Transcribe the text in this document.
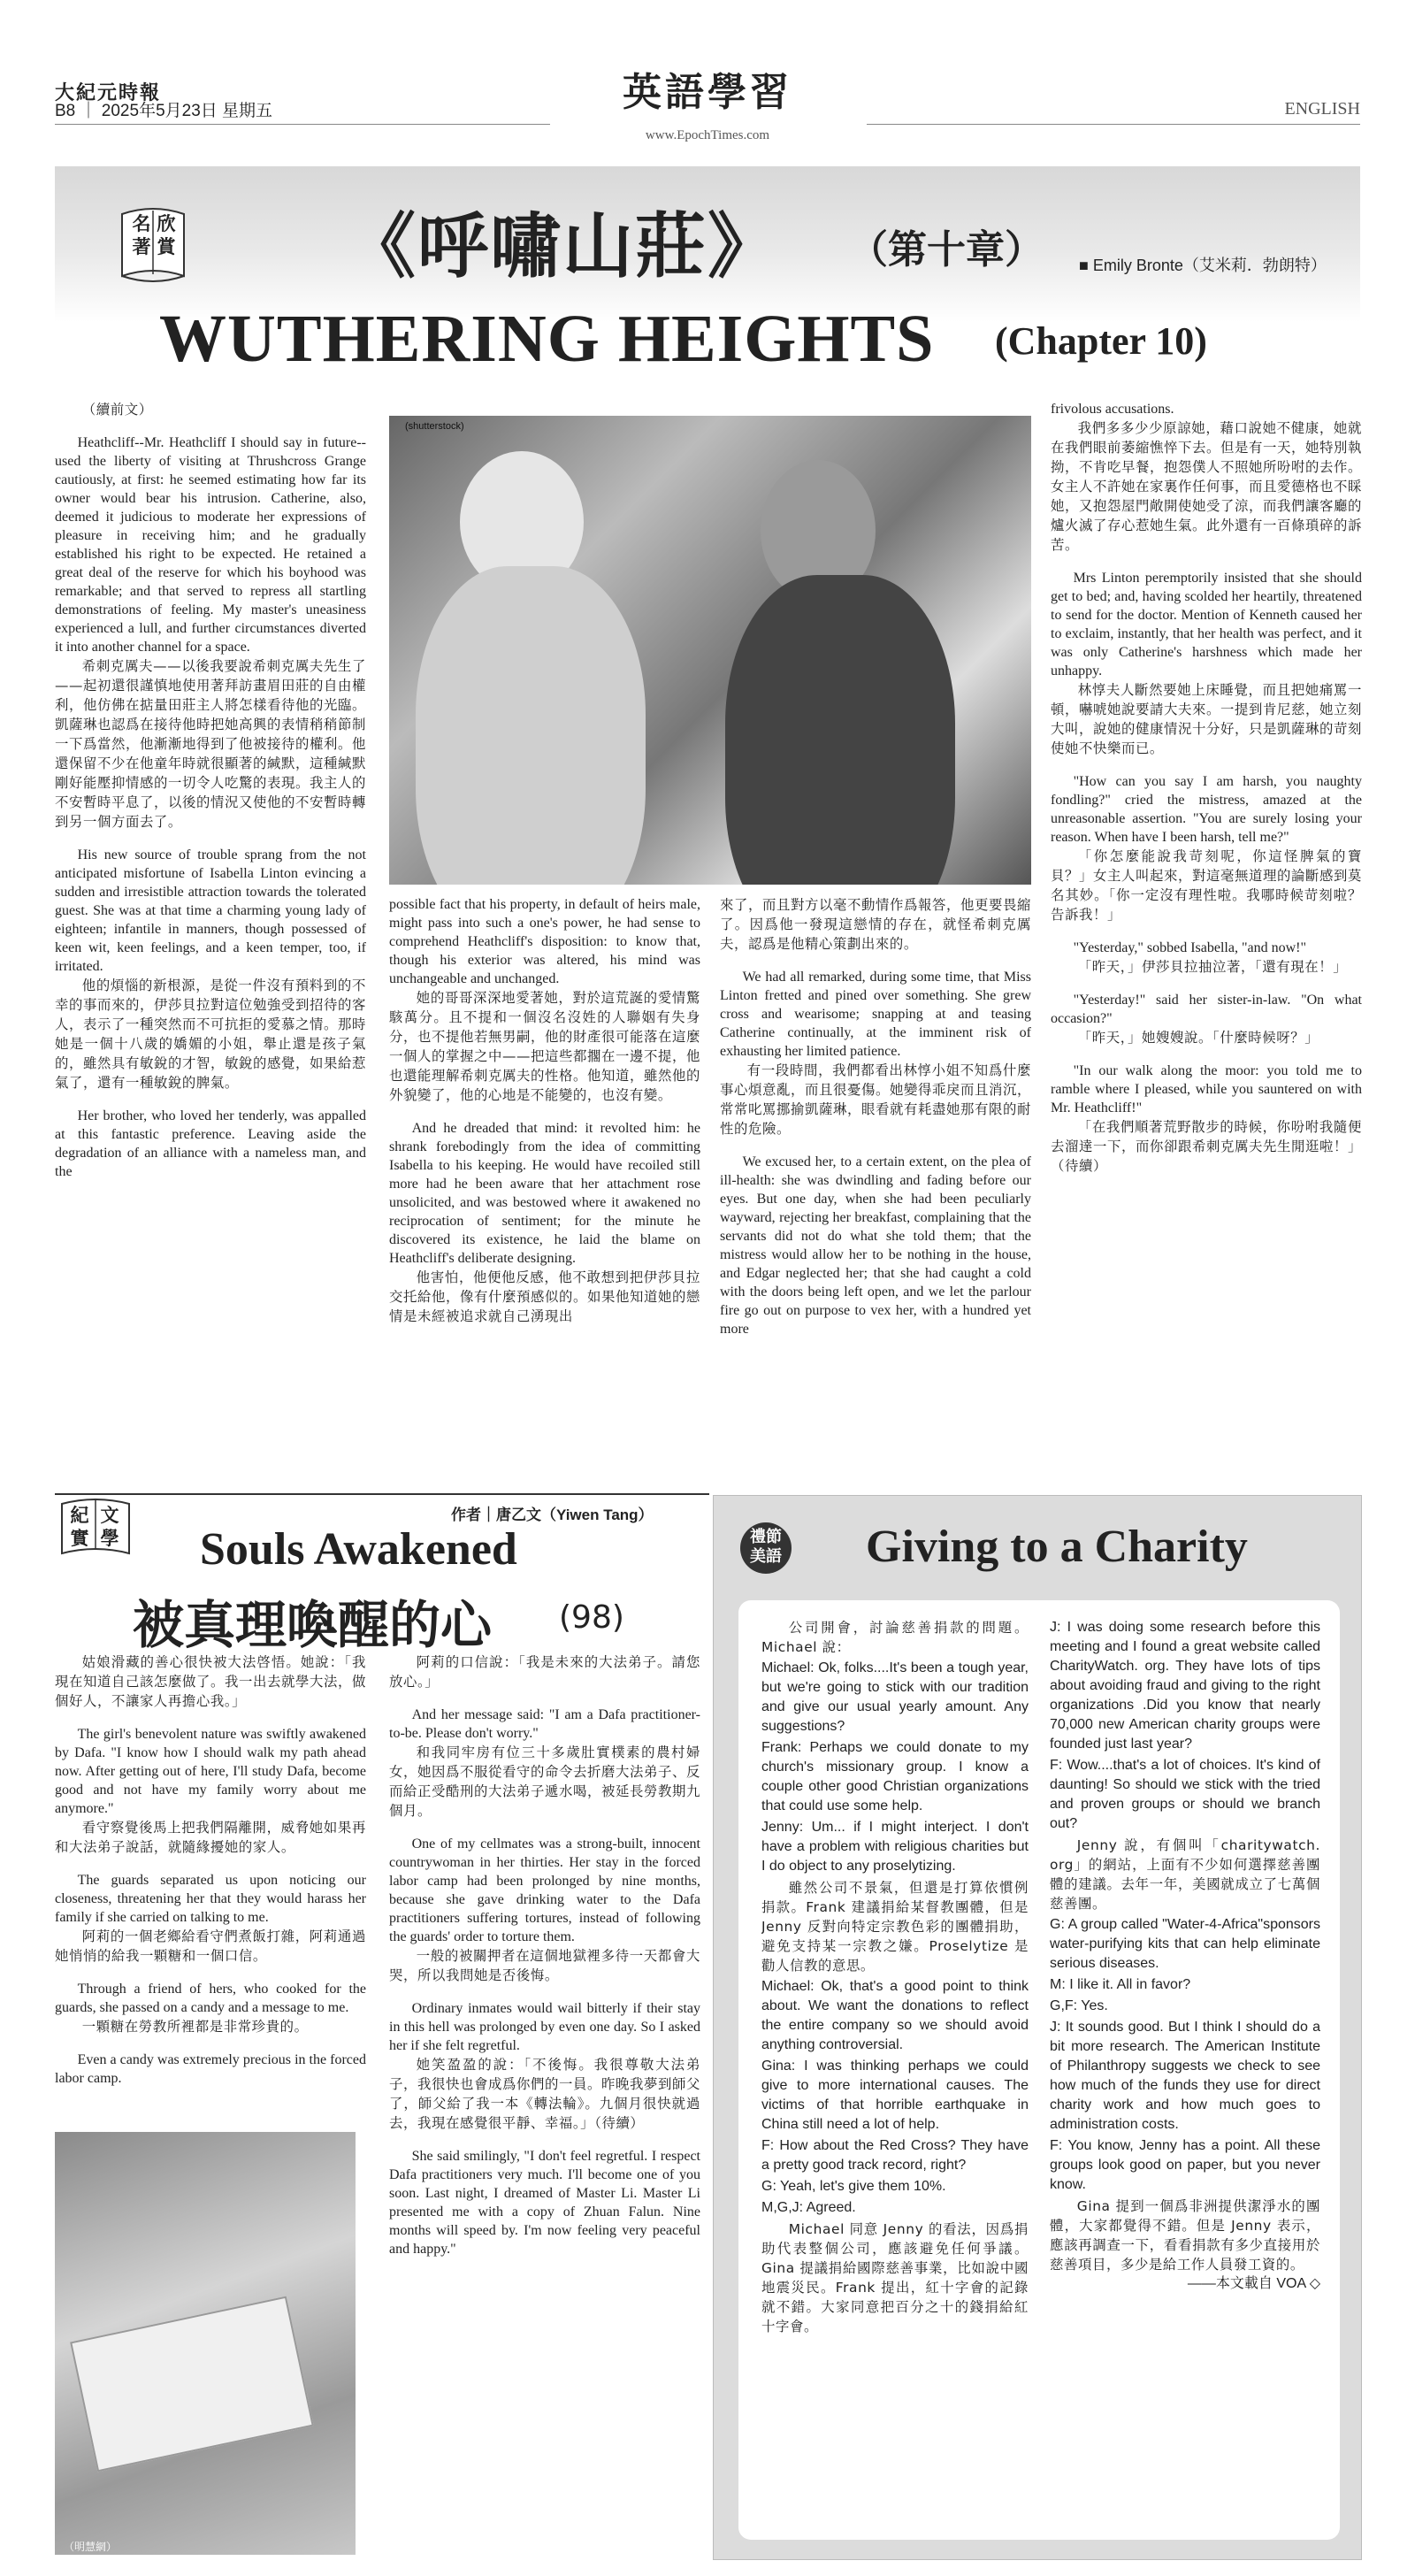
大紀元時報
B8 ｜ 2025年5月23日 星期五	英語學習
www.EpochTimes.com
ENGLISH
名著
欣賞 《呼嘯山莊》 （第十章） ■ Emily Bronte（艾米莉．勃朗特）
WUTHERING HEIGHTS (Chapter 10)

（續前文）

Heathcliff--Mr. Heathcliff I should say in future--used the liberty of visiting at Thrushcross Grange cautiously, at first: he seemed estimating how far its owner would bear his intrusion. Catherine, also, deemed it judicious to moderate her expressions of pleasure in receiving him; and he gradually established his right to be expected. He retained a great deal of the reserve for which his boyhood was remarkable; and that served to repress all startling demonstrations of feeling. My master's uneasiness experienced a lull, and further circumstances diverted it into another channel for a space.

希刺克厲夫——以後我要說希刺克厲夫先生了——起初還很謹慎地使用著拜訪畫眉田莊的自由權利，他仿佛在掂量田莊主人將怎樣看待他的光臨。凱薩琳也認爲在接待他時把她高興的表情稍稍節制一下爲當然，他漸漸地得到了他被接待的權利。他還保留不少在他童年時就很顯著的緘默，這種緘默剛好能壓抑情感的一切令人吃驚的表現。我主人的不安暫時平息了，以後的情況又使他的不安暫時轉到另一個方面去了。

His new source of trouble sprang from the not anticipated misfortune of Isabella Linton evincing a sudden and irresistible attraction towards the tolerated guest. She was at that time a charming young lady of eighteen; infantile in manners, though possessed of keen wit, keen feelings, and a keen temper, too, if irritated.

他的煩惱的新根源，是從一件沒有預料到的不幸的事而來的，伊莎貝拉對這位勉強受到招待的客人，表示了一種突然而不可抗拒的愛慕之情。那時她是一個十八歲的嬌媚的小姐，舉止還是孩子氣的，雖然具有敏銳的才智，敏銳的感覺，如果給惹氣了，還有一種敏銳的脾氣。

Her brother, who loved her tenderly, was appalled at this fantastic preference. Leaving aside the degradation of an alliance with a nameless man, and the

(shutterstock)

possible fact that his property, in default of heirs male, might pass into such a one's power, he had sense to comprehend Heathcliff's disposition: to know that, though his exterior was altered, his mind was unchangeable and unchanged.

她的哥哥深深地愛著她，對於這荒誕的愛情驚駭萬分。且不提和一個沒名沒姓的人聯姻有失身分，也不提他若無男嗣，他的財產很可能落在這麼一個人的掌握之中——把這些都擱在一邊不提，他也還能理解希刺克厲夫的性格。他知道，雖然他的外貌變了，他的心地是不能變的，也沒有變。

And he dreaded that mind: it revolted him: he shrank forebodingly from the idea of committing Isabella to his keeping. He would have recoiled still more had he been aware that her attachment rose unsolicited, and was bestowed where it awakened no reciprocation of sentiment; for the minute he discovered its existence, he laid the blame on Heathcliff's deliberate designing.

他害怕，他便他反感，他不敢想到把伊莎貝拉交托給他，像有什麼預感似的。如果他知道她的戀情是未經被追求就自己湧現出

來了，而且對方以毫不動情作爲報答，他更要畏縮了。因爲他一發現這戀情的存在，就怪希刺克厲夫，認爲是他精心策劃出來的。

We had all remarked, during some time, that Miss Linton fretted and pined over something. She grew cross and wearisome; snapping at and teasing Catherine continually, at the imminent risk of exhausting her limited patience.

有一段時間，我們都看出林惇小姐不知爲什麼事心煩意亂，而且很憂傷。她變得乖戾而且消沉，常常叱罵挪揄凱薩琳，眼看就有耗盡她那有限的耐性的危險。

We excused her, to a certain extent, on the plea of ill-health: she was dwindling and fading before our eyes. But one day, when she had been peculiarly wayward, rejecting her breakfast, complaining that the servants did not do what she told them; that the mistress would allow her to be nothing in the house, and Edgar neglected her; that she had caught a cold with the doors being left open, and we let the parlour fire go out on purpose to vex her, with a hundred yet more

frivolous accusations.

我們多多少少原諒她，藉口說她不健康，她就在我們眼前萎縮憔悴下去。但是有一天，她特別執拗，不肯吃早餐，抱怨僕人不照她所吩咐的去作。女主人不許她在家裏作任何事，而且愛德格也不睬她，又抱怨屋門敞開使她受了涼，而我們讓客廳的爐火滅了存心惹她生氣。此外還有一百條瑣碎的訴苦。

Mrs Linton peremptorily insisted that she should get to bed; and, having scolded her heartily, threatened to send for the doctor. Mention of Kenneth caused her to exclaim, instantly, that her health was perfect, and it was only Catherine's harshness which made her unhappy.

林惇夫人斷然要她上床睡覺，而且把她痛罵一頓，嚇唬她說要請大夫來。一提到肯尼慈，她立刻大叫，說她的健康情況十分好，只是凱薩琳的苛刻使她不快樂而已。

"How can you say I am harsh, you naughty fondling?" cried the mistress, amazed at the unreasonable assertion. "You are surely losing your reason. When have I been harsh, tell me?"

「你怎麼能說我苛刻呢，你這怪脾氣的寶貝？」女主人叫起來，對這毫無道理的論斷感到莫名其妙。「你一定沒有理性啦。我哪時候苛刻啦？告訴我！」

"Yesterday," sobbed Isabella, "and now!"

「昨天，」伊莎貝拉抽泣著，「還有現在！」

"Yesterday!" said her sister-in-law. "On what occasion?"

「昨天，」她嫂嫂說。「什麼時候呀？」

"In our walk along the moor: you told me to ramble where I pleased, while you sauntered on with Mr. Heathcliff!"

「在我們順著荒野散步的時候，你吩咐我隨便去溜達一下，而你卻跟希刺克厲夫先生閒逛啦！」（待續）

紀實
文學
作者｜唐乙文（Yiwen Tang）
Souls Awakened
被真理喚醒的心 (98)

姑娘滑藏的善心很快被大法啓悟。她說：「我現在知道自己該怎麼做了。我一出去就學大法，做個好人，不讓家人再擔心我。」

The girl's benevolent nature was swiftly awakened by Dafa. "I know how I should walk my path ahead now. After getting out of here, I'll study Dafa, become good and not have my family worry about me anymore."

看守察覺後馬上把我們隔離開，威脅她如果再和大法弟子說話，就隨緣擾她的家人。

The guards separated us upon noticing our closeness, threatening her that they would harass her family if she carried on talking to me.

阿莉的一個老鄉給看守們煮飯打雜，阿莉通過她悄悄的給我一顆糖和一個口信。

Through a friend of hers, who cooked for the guards, she passed on a candy and a message to me.

一顆糖在勞教所裡都是非常珍貴的。

Even a candy was extremely precious in the forced labor camp.

阿莉的口信說：「我是未來的大法弟子。請您放心。」

And her message said: "I am a Dafa practitioner-to-be. Please don't worry."

和我同牢房有位三十多歲肚實樸素的農村婦女，她因爲不服從看守的命令去折磨大法弟子、反而給正受酷刑的大法弟子遞水喝，被延長勞教期九個月。

One of my cellmates was a strong-built, innocent countrywoman in her thirties. Her stay in the forced labor camp had been prolonged by nine months, because she gave drinking water to the Dafa practitioners suffering tortures, instead of following the guards' order to torture them.

一般的被關押者在這個地獄裡多待一天都會大哭，所以我問她是否後悔。

Ordinary inmates would wail bitterly if their stay in this hell was prolonged by even one day. So I asked her if she felt regretful.

她笑盈盈的說：「不後悔。我很尊敬大法弟子，我很快也會成爲你們的一員。昨晚我夢到師父了，師父給了我一本《轉法輪》。九個月很快就過去，我現在感覺很平靜、幸福。」（待續）

She said smilingly, "I don't feel regretful. I respect Dafa practitioners very much. I'll become one of you soon. Last night, I dreamed of Master Li. Master Li presented me with a copy of Zhuan Falun. Nine months will speed by. I'm now feeling very peaceful and happy."

（明慧網）
禮節
美語 Giving to a Charity

公司開會，討論慈善捐款的問題。Michael 說：

Michael: Ok, folks....It's been a tough year, but we're going to stick with our tradition and give our usual yearly amount. Any suggestions?

Frank: Perhaps we could donate to my church's missionary group. I know a couple other good Christian organizations that could use some help.

Jenny: Um... if I might interject. I don't have a problem with religious charities but I do object to any proselytizing.

雖然公司不景氣，但還是打算依慣例捐款。Frank 建議捐給某督教團體，但是 Jenny 反對向特定宗教色彩的團體捐助，避免支持某一宗教之嫌。Proselytize 是勸人信教的意思。

Michael: Ok, that's a good point to think about. We want the donations to reflect the entire company so we should avoid anything controversial.

Gina: I was thinking perhaps we could give to more international causes. The victims of that horrible earthquake in China still need a lot of help.

F: How about the Red Cross? They have a pretty good track record, right?

G: Yeah, let's give them 10%.

M,G,J: Agreed.

Michael 同意 Jenny 的看法，因爲捐助代表整個公司，應該避免任何爭議。Gina 提議捐給國際慈善事業，比如說中國地震災民。Frank 提出，紅十字會的記錄就不錯。大家同意把百分之十的錢捐給紅十字會。

J: I was doing some research before this meeting and I found a great website called CharityWatch. org. They have lots of tips about avoiding fraud and giving to the right organizations .Did you know that nearly 70,000 new American charity groups were founded just last year?

F: Wow....that's a lot of choices. It's kind of daunting! So should we stick with the tried and proven groups or should we branch out?

Jenny 說，有個叫「charitywatch. org」的網站，上面有不少如何選擇慈善團體的建議。去年一年，美國就成立了七萬個慈善團。

G: A group called "Water-4-Africa"sponsors water-purifying kits that can help eliminate serious diseases.

M: I like it. All in favor?

G,F: Yes.

J: It sounds good. But I think I should do a bit more research. The American Institute of Philanthropy suggests we check to see how much of the funds they use for direct charity work and how much goes to administration costs.

F: You know, Jenny has a point. All these groups look good on paper, but you never know.

Gina 提到一個爲非洲提供潔淨水的團體，大家都覺得不錯。但是 Jenny 表示，應該再調查一下，看看捐款有多少直接用於慈善項目，多少是給工作人員發工資的。

——本文載自 VOA ◇
